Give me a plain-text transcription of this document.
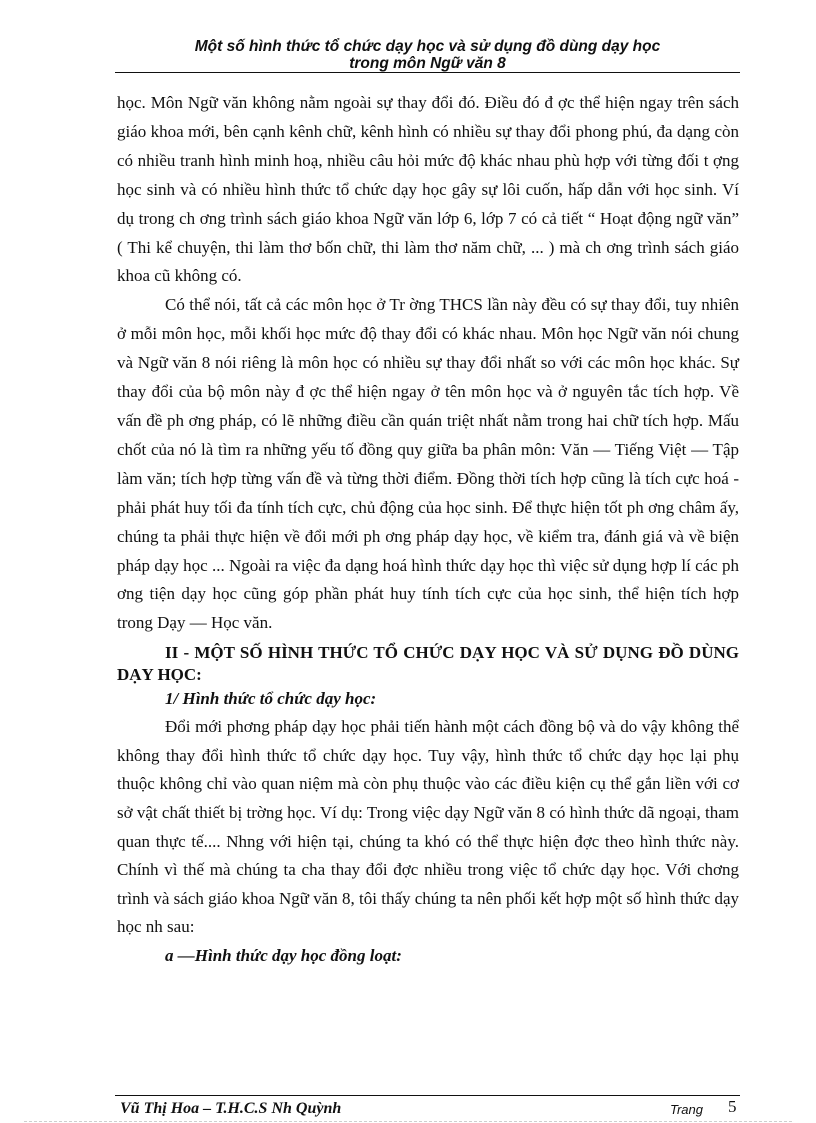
Một số hình thức tổ chức dạy học và sử dụng đồ dùng dạy học
trong môn Ngữ văn 8

học. Môn Ngữ văn không nằm ngoài sự thay đổi đó. Điều đó đ ợc thể hiện ngay trên sách giáo khoa mới, bên cạnh kênh chữ, kênh hình có nhiều sự thay đổi phong phú, đa dạng còn có nhiều tranh hình minh hoạ, nhiều câu hỏi mức độ khác nhau phù hợp với từng đối t ợng học sinh và có nhiều hình thức tổ chức dạy học gây sự lôi cuốn, hấp dẫn với học sinh. Ví dụ trong ch ơng trình sách giáo khoa Ngữ văn lớp 6, lớp 7 có cả tiết “ Hoạt động ngữ văn” ( Thi kể chuyện, thi làm thơ bốn chữ, thi làm thơ năm chữ, ... ) mà ch ơng trình sách giáo khoa cũ không có.

Có thể nói, tất cả các môn học ở Tr ờng THCS lần này đều có sự thay đổi, tuy nhiên ở mỗi môn học, mỗi khối học mức độ thay đổi có khác nhau. Môn học Ngữ văn nói chung và Ngữ văn 8 nói riêng là môn học có nhiều sự thay đổi nhất so với các môn học khác. Sự thay đổi của bộ môn này đ ợc thể hiện ngay ở tên môn học và ở nguyên tắc tích hợp. Về vấn đề ph ơng pháp, có lẽ những điều cần quán triệt nhất nằm trong hai chữ tích hợp. Mấu chốt của nó là tìm ra những yếu tố đồng quy giữa ba phân môn: Văn — Tiếng Việt — Tập làm văn; tích hợp từng vấn đề và từng thời điểm. Đồng thời tích hợp cũng là tích cực hoá - phải phát huy tối đa tính tích cực, chủ động của học sinh. Để thực hiện tốt ph ơng châm ấy, chúng ta phải thực hiện về đổi mới ph ơng pháp dạy học, về kiểm tra, đánh giá và về biện pháp dạy học ... Ngoài ra việc đa dạng hoá hình thức dạy học thì việc sử dụng hợp lí các ph ơng tiện dạy học cũng góp phần phát huy tính tích cực của học sinh, thể hiện tích hợp trong Dạy — Học văn.

II - MỘT SỐ HÌNH THỨC TỔ CHỨC DẠY HỌC VÀ SỬ DỤNG ĐỒ DÙNG DẠY HỌC:

1/ Hình thức tổ chức dạy học:

Đổi mới phơng pháp dạy học phải tiến hành một cách đồng bộ và do vậy không thể không thay đổi hình thức tổ chức dạy học. Tuy vậy, hình thức tổ chức dạy học lại phụ thuộc không chỉ vào quan niệm mà còn phụ thuộc vào các điều kiện cụ thể gắn liền với cơ sở vật chất thiết bị trờng học. Ví dụ: Trong việc dạy Ngữ văn 8 có hình thức dã ngoại, tham quan thực tế.... Nhng với hiện tại, chúng ta khó có thể thực hiện đợc theo hình thức này. Chính vì thế mà chúng ta cha thay đổi đợc nhiều trong việc tổ chức dạy học. Với chơng trình và sách giáo khoa Ngữ văn 8, tôi thấy chúng ta nên phối kết hợp một số hình thức dạy học nh sau:

a —Hình thức dạy học đồng loạt:

Vũ Thị Hoa – T.H.C.S Nh Quỳnh	Trang 5
